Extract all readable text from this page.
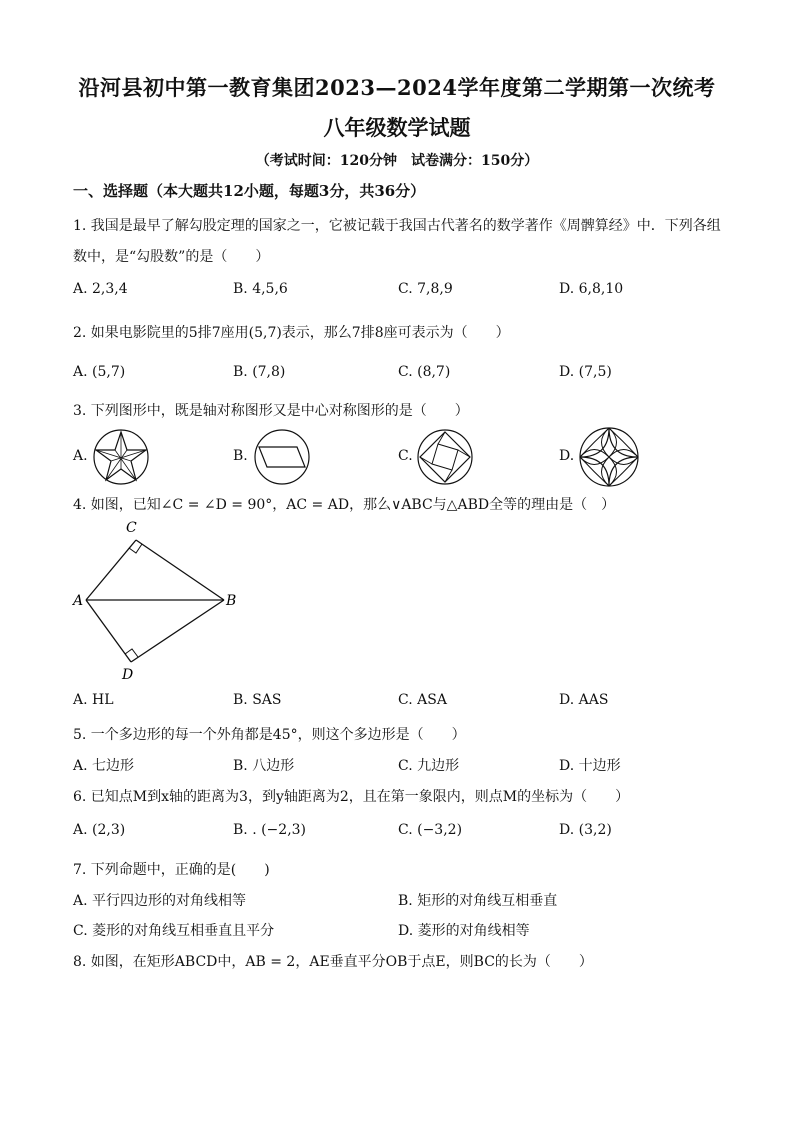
沿河县初中第一教育集团2023—2024学年度第二学期第一次统考
八年级数学试题
（考试时间：120分钟　试卷满分：150分）
一、选择题（本大题共12小题，每题3分，共36分）
1. 我国是最早了解勾股定理的国家之一，它被记载于我国古代著名的数学著作《周髀算经》中．下列各组
数中，是“勾股数”的是（　　）
A. 2,3,4	B. 4,5,6	C. 7,8,9	D. 6,8,10
2. 如果电影院里的5排7座用(5,7)表示，那么7排8座可表示为（　　）
A. (5,7)	B. (7,8)	C. (8,7)	D. (7,5)
3. 下列图形中，既是轴对称图形又是中心对称图形的是（　　）
A.	B.	C.	D.
4. 如图，已知∠C = ∠D = 90°，AC = AD，那么∨ABC与△ABD全等的理由是（　）
C
A	B
D
A. HL	B. SAS	C. ASA	D. AAS
5. 一个多边形的每一个外角都是45°，则这个多边形是（　　）
A. 七边形	B. 八边形	C. 九边形	D. 十边形
6. 已知点M到x轴的距离为3，到y轴距离为2，且在第一象限内，则点M的坐标为（　　）
A. (2,3)	B. . (−2,3)	C. (−3,2)	D. (3,2)
7. 下列命题中，正确的是(　　)
A. 平行四边形的对角线相等	B. 矩形的对角线互相垂直
C. 菱形的对角线互相垂直且平分	D. 菱形的对角线相等
8. 如图，在矩形ABCD中，AB = 2，AE垂直平分OB于点E，则BC的长为（　　）
